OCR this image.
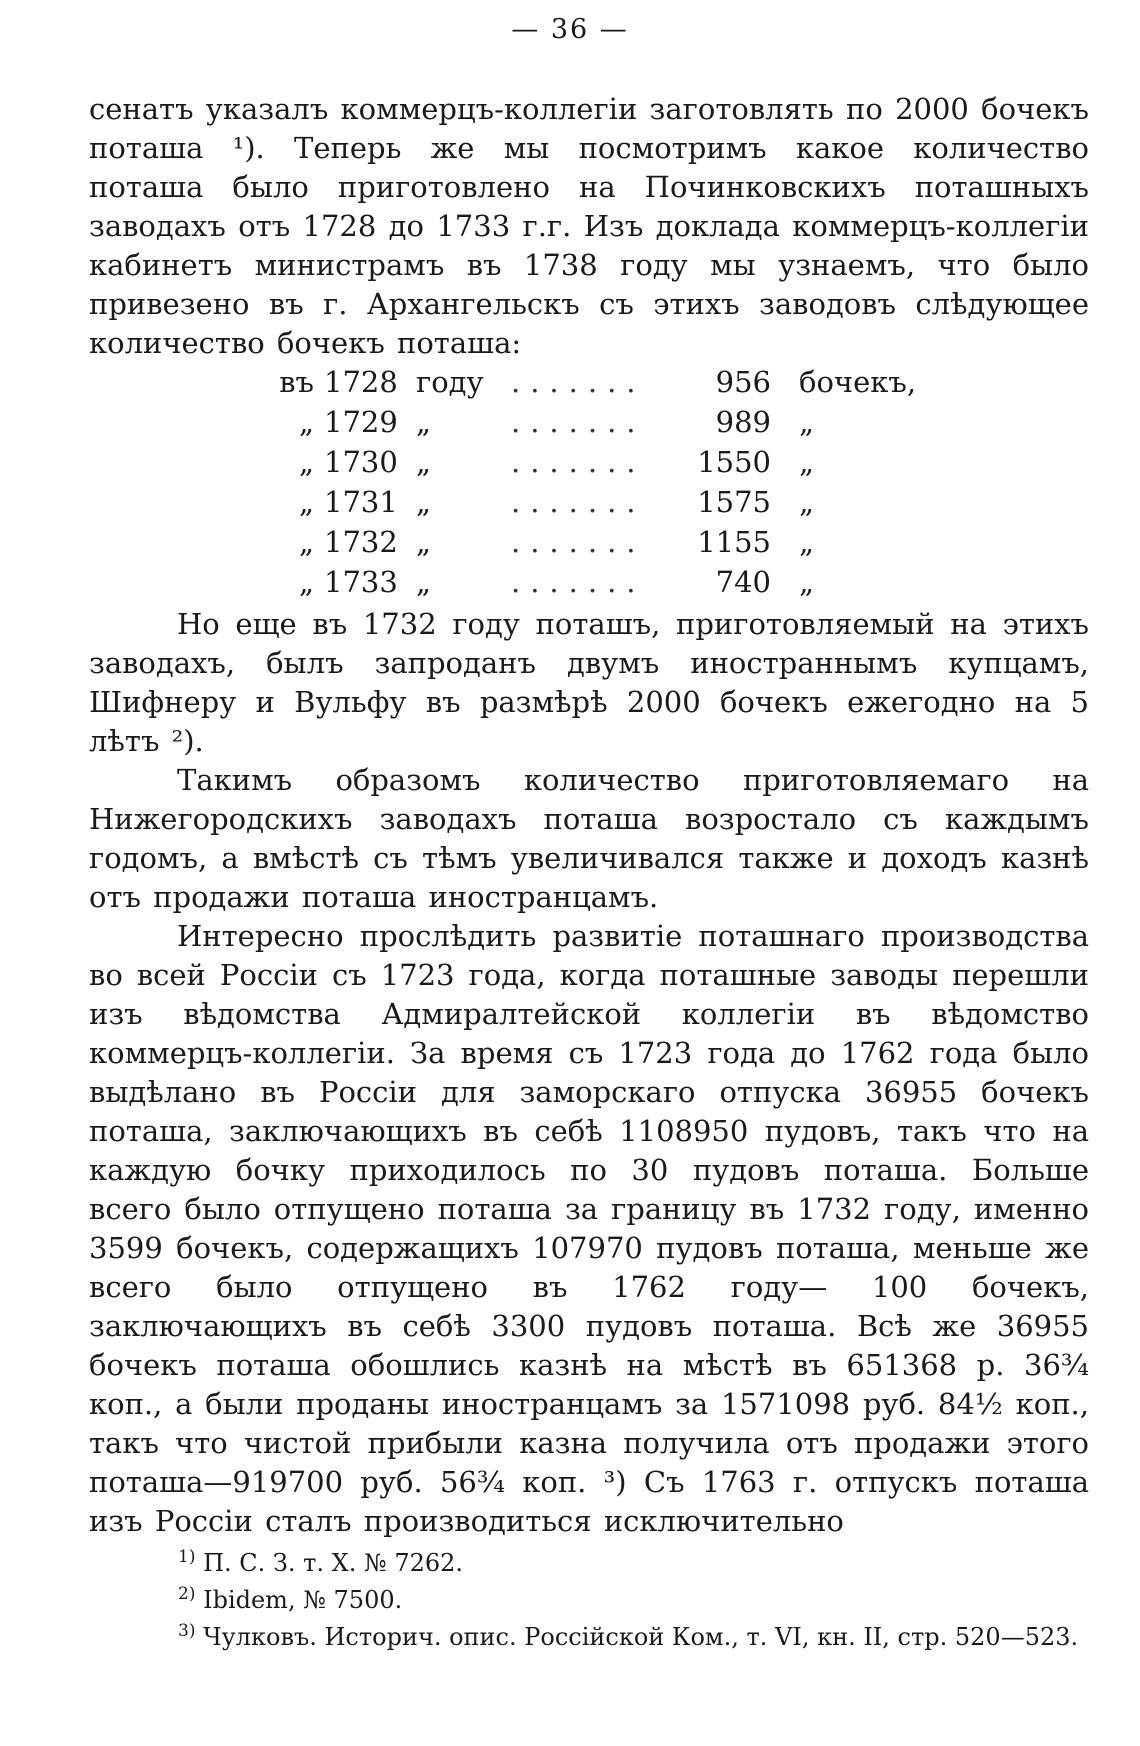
— 36 —

сенатъ указалъ коммерцъ-коллегіи заготовлять по 2000 бочекъ поташа ¹). Теперь же мы посмотримъ какое количество поташа было приготовлено на Починковскихъ поташныхъ заводахъ отъ 1728 до 1733 г.г. Изъ доклада коммерцъ-коллегіи кабинетъ министрамъ въ 1738 году мы узнаемъ, что было привезено въ г. Архангельскъ съ этихъ заводовъ слѣдующее количество бочекъ поташа:

въ 1728 году .......	956 бочекъ,
„ 1729 „	.......	989 „
„ 1730 „	.......	1550 „
„ 1731 „	.......	1575 „
„ 1732 „	.......	1155 „
„ 1733 „	.......	740 „

Но еще въ 1732 году поташъ, приготовляемый на этихъ заводахъ, былъ запроданъ двумъ иностраннымъ купцамъ, Шифнеру и Вульфу въ размѣрѣ 2000 бочекъ ежегодно на 5 лѣтъ ²).

Такимъ образомъ количество приготовляемаго на Нижегородскихъ заводахъ поташа возростало съ каждымъ годомъ, а вмѣстѣ съ тѣмъ увеличивался также и доходъ казнѣ отъ продажи поташа иностранцамъ.

Интересно прослѣдить развитіе поташнаго производства во всей Россіи съ 1723 года, когда поташные заводы перешли изъ вѣдомства Адмиралтейской коллегіи въ вѣдомство коммерцъ-коллегіи. За время съ 1723 года до 1762 года было выдѣлано въ Россіи для заморскаго отпуска 36955 бочекъ поташа, заключающихъ въ себѣ 1108950 пудовъ, такъ что на каждую бочку приходилось по 30 пудовъ поташа. Больше всего было отпущено поташа за границу въ 1732 году, именно 3599 бочекъ, содержащихъ 107970 пудовъ поташа, меньше же всего было отпущено въ 1762 году— 100 бочекъ, заключающихъ въ себѣ 3300 пудовъ поташа. Всѣ же 36955 бочекъ поташа обошлись казнѣ на мѣстѣ въ 651368 р. 36¾ коп., а были проданы иностранцамъ за 1571098 руб. 84½ коп., такъ что чистой прибыли казна получила отъ продажи этого поташа—919700 руб. 56¾ коп. ³) Съ 1763 г. отпускъ поташа изъ Россіи сталъ производиться исключительно

$^{1)}$ П. С. З. т. X. № 7262.

$^{2)}$ Ibidem, № 7500.

$^{3)}$ Чулковъ. Историч. опис. Россійской Ком., т. VI, кн. II, стр. 520—523.
